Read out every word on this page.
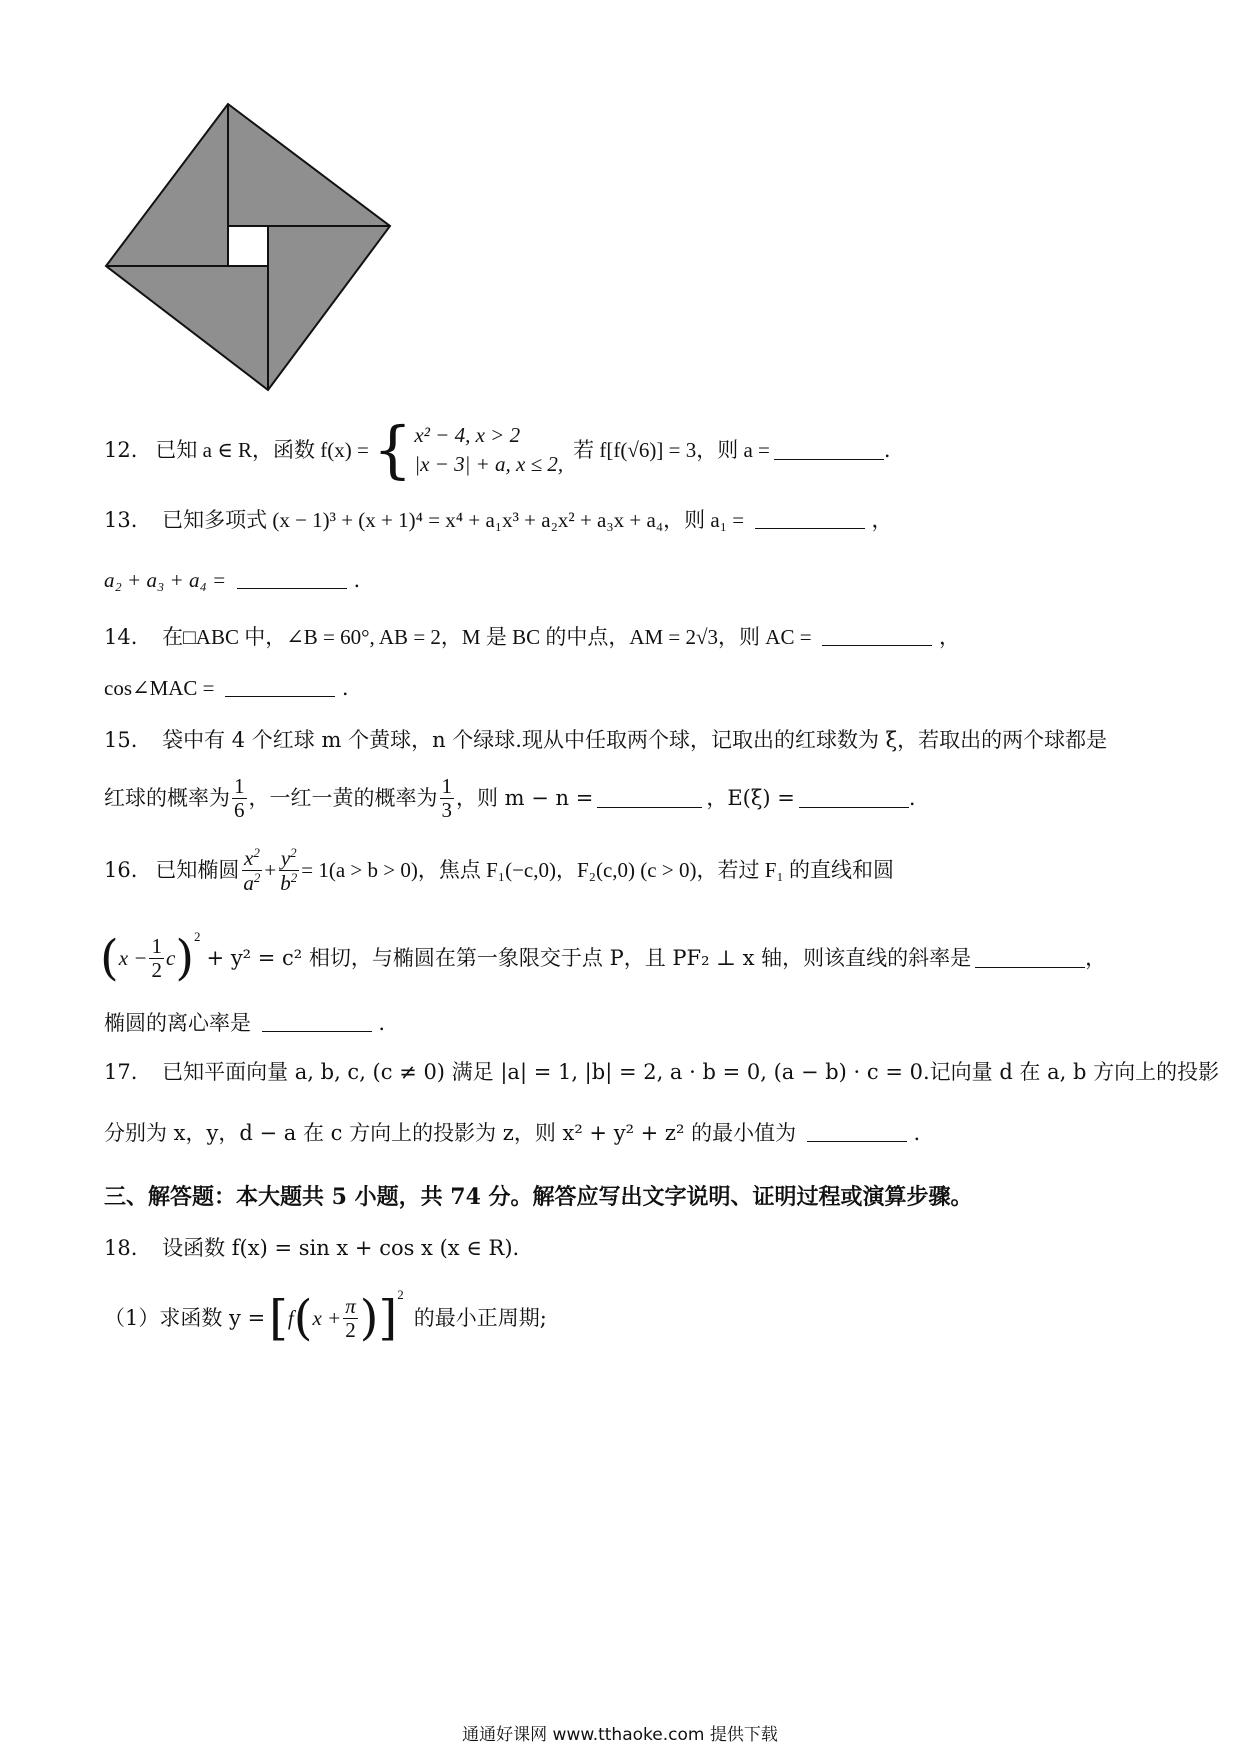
12. 已知 a ∈ R，函数 f(x) = { x² − 4, x > 2
|x − 3| + a, x ≤ 2,
若 f[f(√6)] = 3，则 a =	.
13. 已知多项式 (x − 1)³ + (x + 1)⁴ = x⁴ + a₁x³ + a₂x² + a₃x + a₄，则 a₁ =	，
a₂ + a₃ + a₄ =	.
14. 在□ABC 中，∠B = 60°, AB = 2，M 是 BC 的中点，AM = 2√3，则 AC =	，
cos∠MAC =	.
15. 袋中有 4 个红球 m 个黄球，n 个绿球.现从中任取两个球，记取出的红球数为 ξ，若取出的两个球都是
红球的概率为 $\frac{1}{6}$ ，一红一黄的概率为 $\frac{1}{3}$ ，则 m − n =	，E(ξ) =	.
16. 已知椭圆 $\frac{x^2}{a^2} + \frac{y^2}{b^2} = 1(a > b > 0)$，焦点 F₁(−c,0)，F₂(c,0) (c > 0)，若过 F₁ 的直线和圆
( $x - \frac{1}{2}$ c ) 2
+ y² = c² 相切，与椭圆在第一象限交于点 P，且 PF₂ ⊥ x 轴，则该直线的斜率是	，
椭圆的离心率是	.
17. 已知平面向量 a, b, c, (c ≠ 0) 满足 |a| = 1, |b| = 2, a · b = 0, (a − b) · c = 0.记向量 d 在 a, b 方向上的投影
分别为 x，y，d − a 在 c 方向上的投影为 z，则 x² + y² + z² 的最小值为	.
三、解答题：本大题共 5 小题，共 74 分。解答应写出文字说明、证明过程或演算步骤。
18. 设函数 f(x) = sin x + cos x (x ∈ R).
（1）求函数 y = [ f ( $x + \frac{\pi}{2}$ ) ] 2
的最小正周期;
通通好课网 www.tthaoke.com 提供下载
